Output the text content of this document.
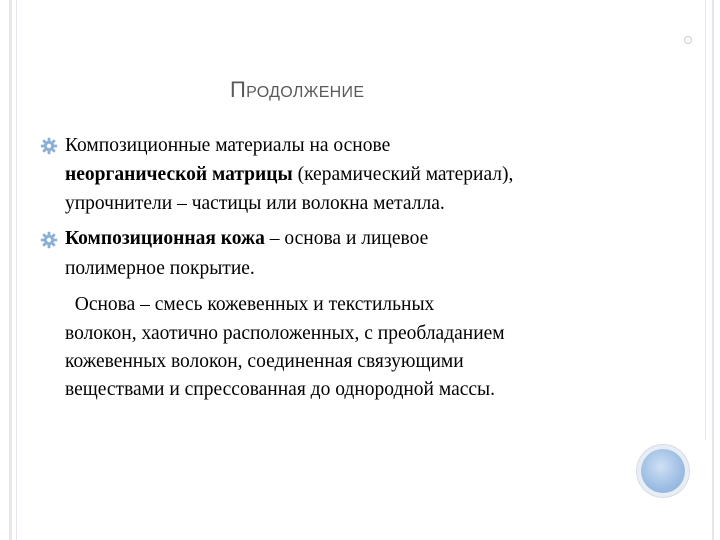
ПРОДОЛЖЕНИЕ
Композиционные материалы на основе
неорганической матрицы (керамический материал),
упрочнители – частицы или волокна металла.
Композиционная кожа – основа и лицевое
полимерное покрытие.
Основа – смесь кожевенных и текстильных
волокон, хаотично расположенных, с преобладанием
кожевенных волокон, соединенная связующими
веществами и спрессованная до однородной массы.
